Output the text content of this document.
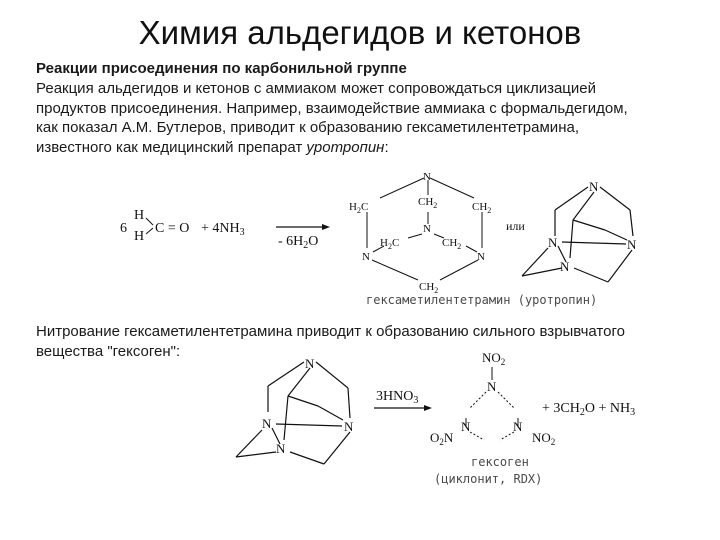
Химия альдегидов и кетонов
Реакции присоединения по карбонильной группе
Реакция альдегидов и кетонов с аммиаком может сопровождаться циклизацией
продуктов присоединения. Например, взаимодействие аммиака с формальдегидом,
как показал А.М. Бутлеров, приводит к образованию гексаметилентетрамина,
известного как медицинский препарат уротропин:
6
H
H
$C = O + 4NH_3$
- $6H_2O$
N
$H_2C$	$CH_2$	$CH_2$
N
$H_2C$	$CH_2$
N	N
$CH_2$
или
N
N	N
N
гексаметилентетрамин (уротропин)
Нитрование гексаметилентетрамина приводит к образованию сильного взрывчатого
вещества "гексоген":
N
N	N
N
$3HNO_3$
$NO_2$
N
N	N
$O_2N$	$NO_2$
+ $3CH_2O + NH_3$
гексоген
(циклонит, RDX)
